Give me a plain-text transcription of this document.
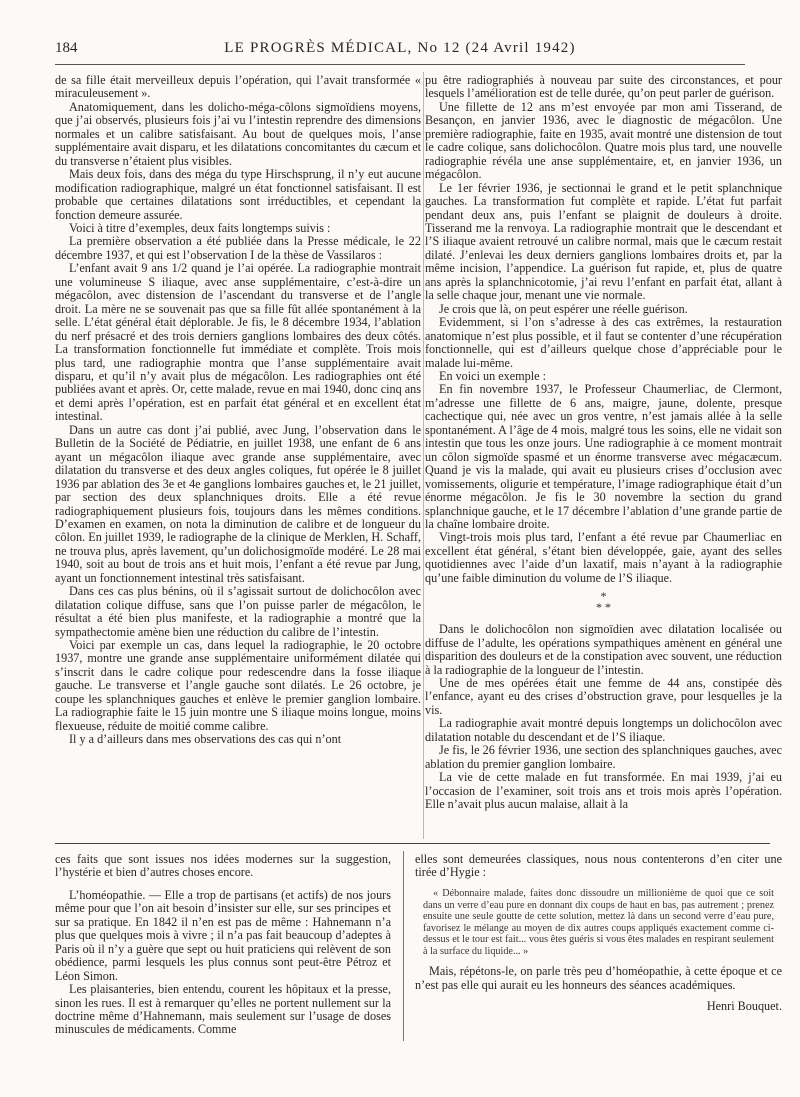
184	LE PROGRÈS MÉDICAL, No 12 (24 Avril 1942)

de sa fille était merveilleux depuis l’opération, qui l’avait transformée « miraculeusement ».

Anatomiquement, dans les dolicho-méga-côlons sigmoïdiens moyens, que j’ai observés, plusieurs fois j’ai vu l’intestin reprendre des dimensions normales et un calibre satisfaisant. Au bout de quelques mois, l’anse supplémentaire avait disparu, et les dilatations concomitantes du cæcum et du transverse n’étaient plus visibles.

Mais deux fois, dans des méga du type Hirschsprung, il n’y eut aucune modification radiographique, malgré un état fonctionnel satisfaisant. Il est probable que certaines dilatations sont irréductibles, et cependant la fonction demeure assurée.

Voici à titre d’exemples, deux faits longtemps suivis :

La première observation a été publiée dans la Presse médicale, le 22 décembre 1937, et qui est l’observation I de la thèse de Vassilaros :

L’enfant avait 9 ans 1/2 quand je l’ai opérée. La radiographie montrait une volumineuse S iliaque, avec anse supplémentaire, c’est-à-dire un mégacôlon, avec distension de l’ascendant du transverse et de l’angle droit. La mère ne se souvenait pas que sa fille fût allée spontanément à la selle. L’état général était déplorable. Je fis, le 8 décembre 1934, l’ablation du nerf présacré et des trois derniers ganglions lombaires des deux côtés. La transformation fonctionnelle fut immédiate et complète. Trois mois plus tard, une radiographie montra que l’anse supplémentaire avait disparu, et qu’il n’y avait plus de mégacôlon. Les radiographies ont été publiées avant et après. Or, cette malade, revue en mai 1940, donc cinq ans et demi après l’opération, est en parfait état général et en excellent état intestinal.

Dans un autre cas dont j’ai publié, avec Jung, l’observation dans le Bulletin de la Société de Pédiatrie, en juillet 1938, une enfant de 6 ans ayant un mégacôlon iliaque avec grande anse supplémentaire, avec dilatation du transverse et des deux angles coliques, fut opérée le 8 juillet 1936 par ablation des 3e et 4e ganglions lombaires gauches et, le 21 juillet, par section des deux splanchniques droits. Elle a été revue radiographiquement plusieurs fois, toujours dans les mêmes conditions. D’examen en examen, on nota la diminution de calibre et de longueur du côlon. En juillet 1939, le radiographe de la clinique de Merklen, H. Schaff, ne trouva plus, après lavement, qu’un dolichosigmoïde modéré. Le 28 mai 1940, soit au bout de trois ans et huit mois, l’enfant a été revue par Jung, ayant un fonctionnement intestinal très satisfaisant.

Dans ces cas plus bénins, où il s’agissait surtout de dolichocôlon avec dilatation colique diffuse, sans que l’on puisse parler de mégacôlon, le résultat a été bien plus manifeste, et la radiographie a montré que la sympathectomie amène bien une réduction du calibre de l’intestin.

Voici par exemple un cas, dans lequel la radiographie, le 20 octobre 1937, montre une grande anse supplémentaire uniformément dilatée qui s’inscrit dans le cadre colique pour redescendre dans la fosse iliaque gauche. Le transverse et l’angle gauche sont dilatés. Le 26 octobre, je coupe les splanchniques gauches et enlève le premier ganglion lombaire. La radiographie faite le 15 juin montre une S iliaque moins longue, moins flexueuse, réduite de moitié comme calibre.

Il y a d’ailleurs dans mes observations des cas qui n’ont

pu être radiographiés à nouveau par suite des circonstances, et pour lesquels l’amélioration est de telle durée, qu’on peut parler de guérison.

Une fillette de 12 ans m’est envoyée par mon ami Tisserand, de Besançon, en janvier 1936, avec le diagnostic de mégacôlon. Une première radiographie, faite en 1935, avait montré une distension de tout le cadre colique, sans dolichocôlon. Quatre mois plus tard, une nouvelle radiographie révéla une anse supplémentaire, et, en janvier 1936, un mégacôlon.

Le 1er février 1936, je sectionnai le grand et le petit splanchnique gauches. La transformation fut complète et rapide. L’état fut parfait pendant deux ans, puis l’enfant se plaignit de douleurs à droite. Tisserand me la renvoya. La radiographie montrait que le descendant et l’S iliaque avaient retrouvé un calibre normal, mais que le cæcum restait dilaté. J’enlevai les deux derniers ganglions lombaires droits et, par la même incision, l’appendice. La guérison fut rapide, et, plus de quatre ans après la splanchnicotomie, j’ai revu l’enfant en parfait état, allant à la selle chaque jour, menant une vie normale.

Je crois que là, on peut espérer une réelle guérison.

Evidemment, si l’on s’adresse à des cas extrêmes, la restauration anatomique n’est plus possible, et il faut se contenter d’une récupération fonctionnelle, qui est d’ailleurs quelque chose d’appréciable pour le malade lui-même.

En voici un exemple :

En fin novembre 1937, le Professeur Chaumerliac, de Clermont, m’adresse une fillette de 6 ans, maigre, jaune, dolente, presque cachectique qui, née avec un gros ventre, n’est jamais allée à la selle spontanément. A l’âge de 4 mois, malgré tous les soins, elle ne vidait son intestin que tous les onze jours. Une radiographie à ce moment montrait un côlon sigmoïde spasmé et un énorme transverse avec mégacæcum. Quand je vis la malade, qui avait eu plusieurs crises d’occlusion avec vomissements, oligurie et température, l’image radiographique était d’un énorme mégacôlon. Je fis le 30 novembre la section du grand splanchnique gauche, et le 17 décembre l’ablation d’une grande partie de la chaîne lombaire droite.

Vingt-trois mois plus tard, l’enfant a été revue par Chaumerliac en excellent état général, s’étant bien développée, gaie, ayant des selles quotidiennes avec l’aide d’un laxatif, mais n’ayant à la radiographie qu’une faible diminution du volume de l’S iliaque.

*
* *

Dans le dolichocôlon non sigmoïdien avec dilatation localisée ou diffuse de l’adulte, les opérations sympathiques amènent en général une disparition des douleurs et de la constipation avec souvent, une réduction à la radiographie de la longueur de l’intestin.

Une de mes opérées était une femme de 44 ans, constipée dès l’enfance, ayant eu des crises d’obstruction grave, pour lesquelles je la vis.

La radiographie avait montré depuis longtemps un dolichocôlon avec dilatation notable du descendant et de l’S iliaque.

Je fis, le 26 février 1936, une section des splanchniques gauches, avec ablation du premier ganglion lombaire.

La vie de cette malade en fut transformée. En mai 1939, j’ai eu l’occasion de l’examiner, soit trois ans et trois mois après l’opération. Elle n’avait plus aucun malaise, allait à la

ces faits que sont issues nos idées modernes sur la suggestion, l’hystérie et bien d’autres choses encore.

L’homéopathie. — Elle a trop de partisans (et actifs) de nos jours même pour que l’on ait besoin d’insister sur elle, sur ses principes et sur sa pratique. En 1842 il n’en est pas de même : Hahnemann n’a plus que quelques mois à vivre ; il n’a pas fait beaucoup d’adeptes à Paris où il n’y a guère que sept ou huit praticiens qui relèvent de son obédience, parmi lesquels les plus connus sont peut-être Pétroz et Léon Simon.

Les plaisanteries, bien entendu, courent les hôpitaux et la presse, sinon les rues. Il est à remarquer qu’elles ne portent nullement sur la doctrine même d’Hahnemann, mais seulement sur l’usage de doses minuscules de médicaments. Comme

elles sont demeurées classiques, nous nous contenterons d’en citer une tirée d’Hygie :

« Débonnaire malade, faites donc dissoudre un millionième de quoi que ce soit dans un verre d’eau pure en donnant dix coups de haut en bas, pas autrement ; prenez ensuite une seule goutte de cette solution, mettez là dans un second verre d’eau pure, favorisez le mélange au moyen de dix autres coups appliqués exactement comme ci-dessus et le tour est fait... vous êtes guéris si vous êtes malades en respirant seulement à la surface du liquide... »

Mais, répétons-le, on parle très peu d’homéopathie, à cette époque et ce n’est pas elle qui aurait eu les honneurs des séances académiques.

Henri Bouquet.
